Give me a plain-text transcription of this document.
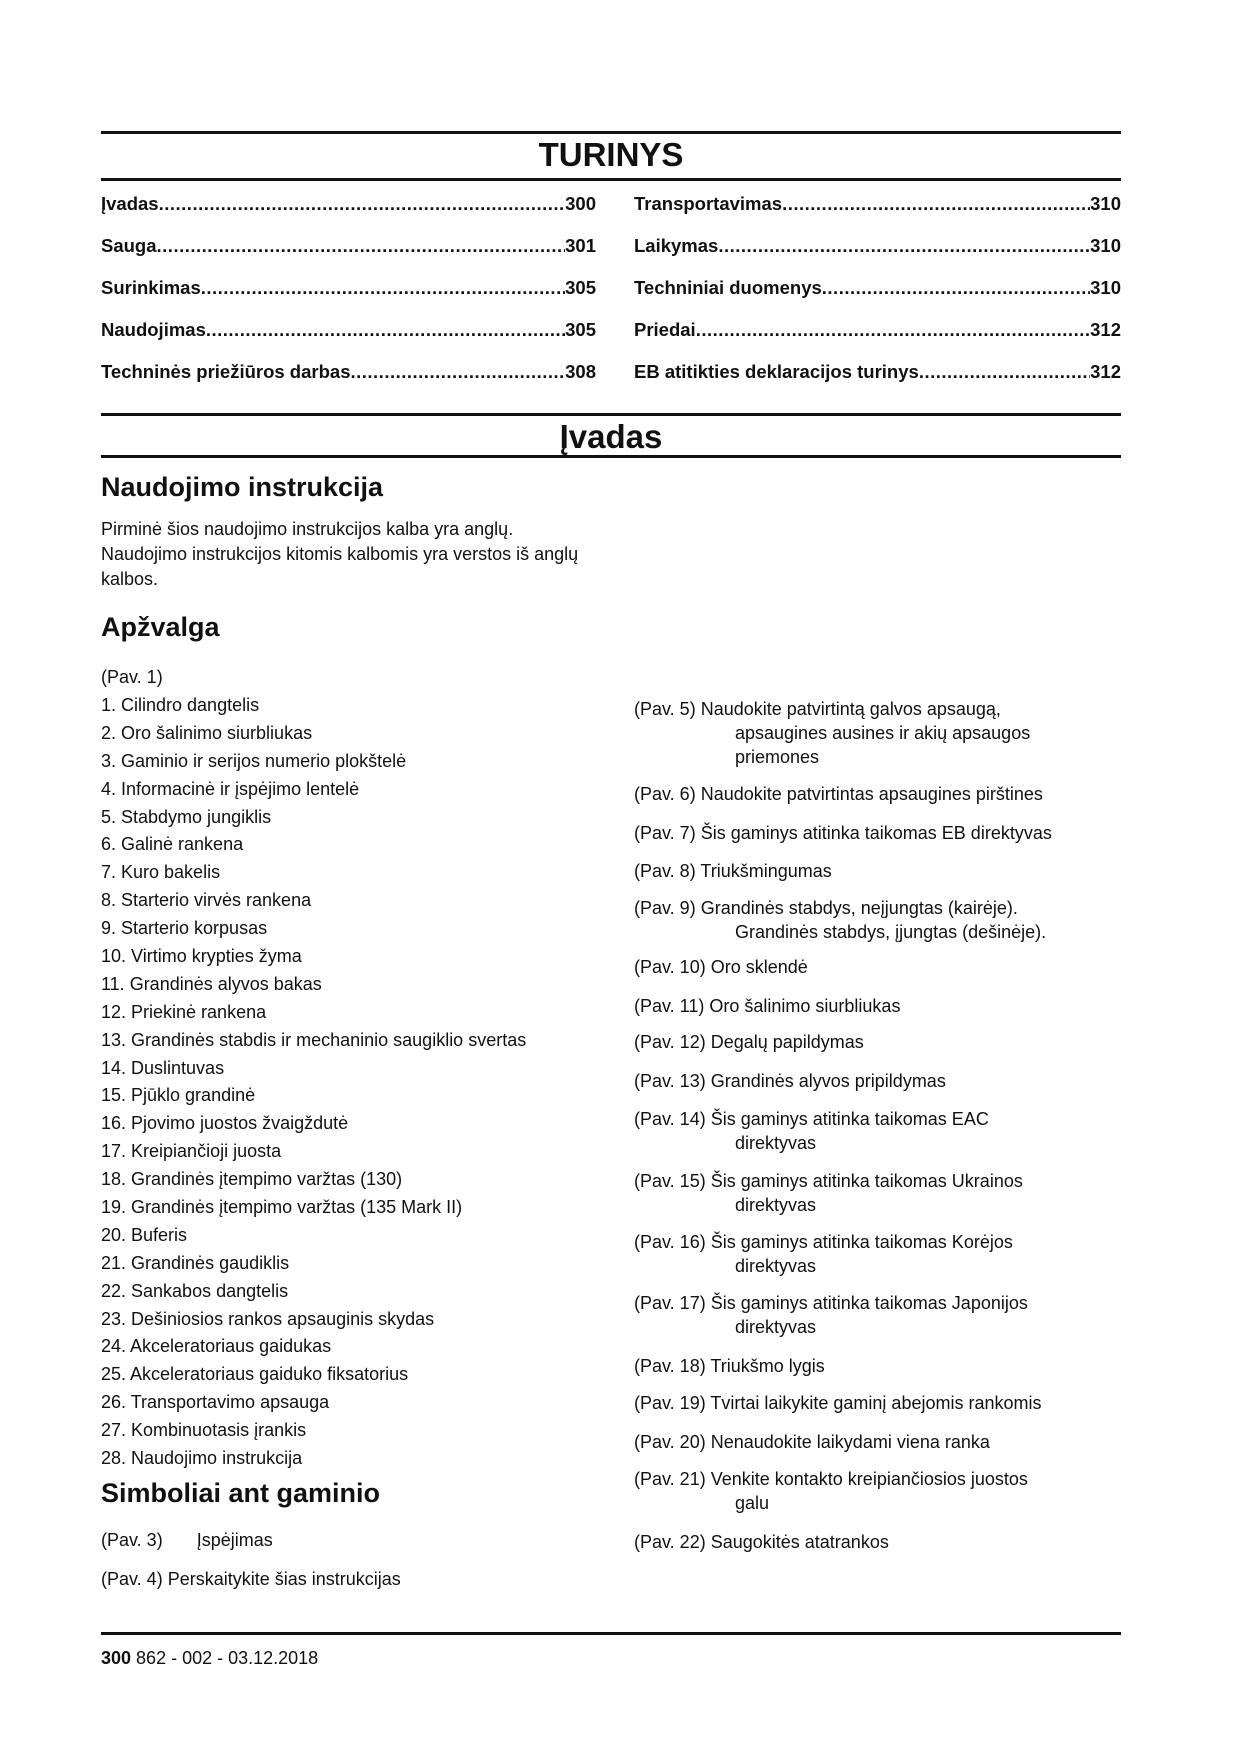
TURINYS
Įvadas .....	300
Sauga .....	301
Surinkimas .....	305
Naudojimas .....	305
Techninės priežiūros darbas .....	308
Transportavimas .....	310
Laikymas .....	310
Techniniai duomenys .....	310
Priedai .....	312
EB atitikties deklaracijos turinys .....	312
Įvadas
Naudojimo instrukcija
Pirminė šios naudojimo instrukcijos kalba yra anglų. Naudojimo instrukcijos kitomis kalbomis yra verstos iš anglų kalbos.
Apžvalga
(Pav. 1)
1. Cilindro dangtelis
2. Oro šalinimo siurbliukas
3. Gaminio ir serijos numerio plokštelė
4. Informacinė ir įspėjimo lentelė
5. Stabdymo jungiklis
6. Galinė rankena
7. Kuro bakelis
8. Starterio virvės rankena
9. Starterio korpusas
10. Virtimo krypties žyma
11. Grandinės alyvos bakas
12. Priekinė rankena
13. Grandinės stabdis ir mechaninio saugiklio svertas
14. Duslintuvas
15. Pjūklo grandinė
16. Pjovimo juostos žvaigždutė
17. Kreipiančioji juosta
18. Grandinės įtempimo varžtas (130)
19. Grandinės įtempimo varžtas (135 Mark II)
20. Buferis
21. Grandinės gaudiklis
22. Sankabos dangtelis
23. Dešiniosios rankos apsauginis skydas
24. Akceleratoriaus gaidukas
25. Akceleratoriaus gaiduko fiksatorius
26. Transportavimo apsauga
27. Kombinuotasis įrankis
28. Naudojimo instrukcija
Simboliai ant gaminio
(Pav. 3) Įspėjimas
(Pav. 4) Perskaitykite šias instrukcijas
(Pav. 5) Naudokite patvirtintą galvos apsaugą,
apsaugines ausines ir akių apsaugos
priemones
(Pav. 6) Naudokite patvirtintas apsaugines pirštines
(Pav. 7) Šis gaminys atitinka taikomas EB direktyvas
(Pav. 8) Triukšmingumas
(Pav. 9) Grandinės stabdys, neįjungtas (kairėje).
Grandinės stabdys, įjungtas (dešinėje).
(Pav. 10) Oro sklendė
(Pav. 11) Oro šalinimo siurbliukas
(Pav. 12) Degalų papildymas
(Pav. 13) Grandinės alyvos pripildymas
(Pav. 14) Šis gaminys atitinka taikomas EAC
direktyvas
(Pav. 15) Šis gaminys atitinka taikomas Ukrainos
direktyvas
(Pav. 16) Šis gaminys atitinka taikomas Korėjos
direktyvas
(Pav. 17) Šis gaminys atitinka taikomas Japonijos
direktyvas
(Pav. 18) Triukšmo lygis
(Pav. 19) Tvirtai laikykite gaminį abejomis rankomis
(Pav. 20) Nenaudokite laikydami viena ranka
(Pav. 21) Venkite kontakto kreipiančiosios juostos
galu
(Pav. 22) Saugokitės atatrankos
300 862 - 002 - 03.12.2018
